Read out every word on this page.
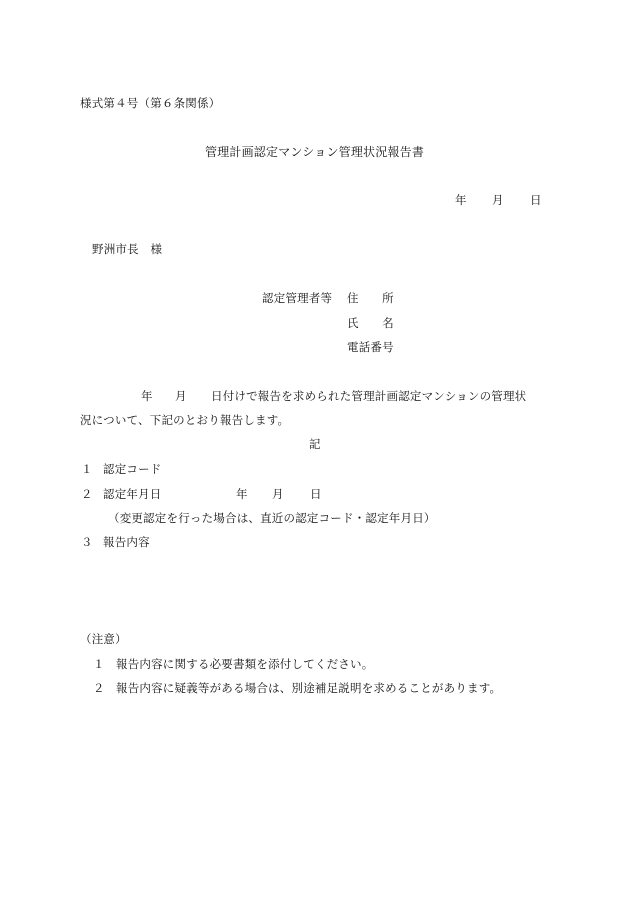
様式第４号（第６条関係）
管理計画認定マンション管理状況報告書
年 月 日
野洲市長　様
認定管理者等 住　　所
氏　　名
電話番号
年 月 日付けで報告を求められた管理計画認定マンションの管理状
況について、下記のとおり報告します。
記
１ 認定コード
２ 認定年月日	年 月 日
（変更認定を行った場合は、直近の認定コード・認定年月日）
３ 報告内容
（注意）
１ 報告内容に関する必要書類を添付してください。
２ 報告内容に疑義等がある場合は、別途補足説明を求めることがあります。
